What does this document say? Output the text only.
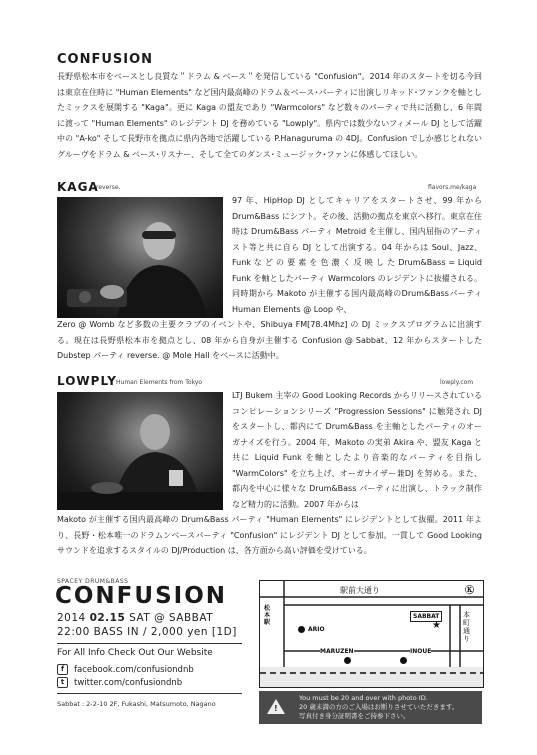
CONFUSION
長野県松本市をベースとし良質な＂ドラム & ベース＂を発信している "Confusion"。2014 年のスタートを切る今回は東京在住時に "Human Elements" など国内最高峰のドラム＆ベース･パーティに出演しリキッド･ファンクを軸としたミックスを展開する "Kaga"。更に Kaga の盟友であり "Warmcolors" など数々のパーティで共に活動し、6 年間に渡って "Human Elements" のレジデント DJ を務めている "Lowply"。県内では数少ないフィメール DJ として活躍中の "A-ko" そして長野市を拠点に県内各地で活躍している P.Hanaguruma の 4DJ。Confusion でしか感じとれないグルーヴをドラム & ベース･リスナー、そして全てのダンス･ミュージック･ファンに体感してほしい。
KAGA
reverse.	flavors.me/kaga
97 年、HipHop DJ としてキャリアをスタートさせ、99 年から Drum&Bass にシフト。その後、活動の拠点を東京へ移行。東京在住時は Drum&Bass パーティ Metroid を主催し、国内屈指のアーティスト等と共に自ら DJ として出演する。04 年からは Soul、Jazz、Funk な ど の 要 素 を 色 濃 く 反 映 し た Drum&Bass = Liquid Funk を軸としたパーティ Warmcolors のレジデントに抜擢される。同時期から Makoto が主催する国内最高峰のDrum&Bassパーティ Human Elements @ Loop や、
Zero @ Womb など多数の主要クラブのイベントや、Shibuya FM[78.4Mhz] の DJ ミックスプログラムに出演する。現在は長野県松本市を拠点とし、08 年から自身が主催する Confusion @ Sabbat、12 年からスタートした Dubstep パーティ reverse. @ Mole Hall をベースに活動中。
LOWPLY Human Elements from Tokyo	lowply.com
LTJ Bukem 主宰の Good Looking Records からリリースされているコンピレーションシリーズ "Progression Sessions" に触発され DJ をスタートし、都内にて Drum&Bass を主軸としたパーティのオーガナイズを行う。2004 年、Makoto の実弟 Akira や、盟友 Kaga と共に Liquid Funk を軸としたより音楽的なパーティを目指し "WarmColors" を立ち上げ、オーガナイザー兼DJ を努める。また、都内を中心に様々な Drum&Bass パーティに出演し、トラック制作など精力的に活動。2007 年からは
Makoto が主催する国内最高峰の Drum&Bass パーティ "Human Elements" にレジデントとして抜擢。2011 年より、長野・松本唯一のドラムンベースパーティ "Confusion" にレジデント DJ として参加。一貫して Good Looking サウンドを追求するスタイルの DJ/Production は、各方面から高い評価を受けている。
SPACEY DRUM&BASS
CONFUSION
2014 02.15 SAT @ SABBAT
22:00 BASS IN / 2,000 yen [1D]
For All Info Check Out Our Website
f	facebook.com/confusiondnb
t	twitter.com/confusiondnb
Sabbat : 2-2-10 2F, Fukashi, Matsumoto, Nagano
松本駅
駅前大通り	Ⓚ
本町通り
ARIO
SABBAT
★
MARUZEN	INOUE
!
You must be 20 and over with photo ID.
20 歳未満の方のご入場はお断りさせていただきます。
写真付き身分証明書をご持参下さい。
